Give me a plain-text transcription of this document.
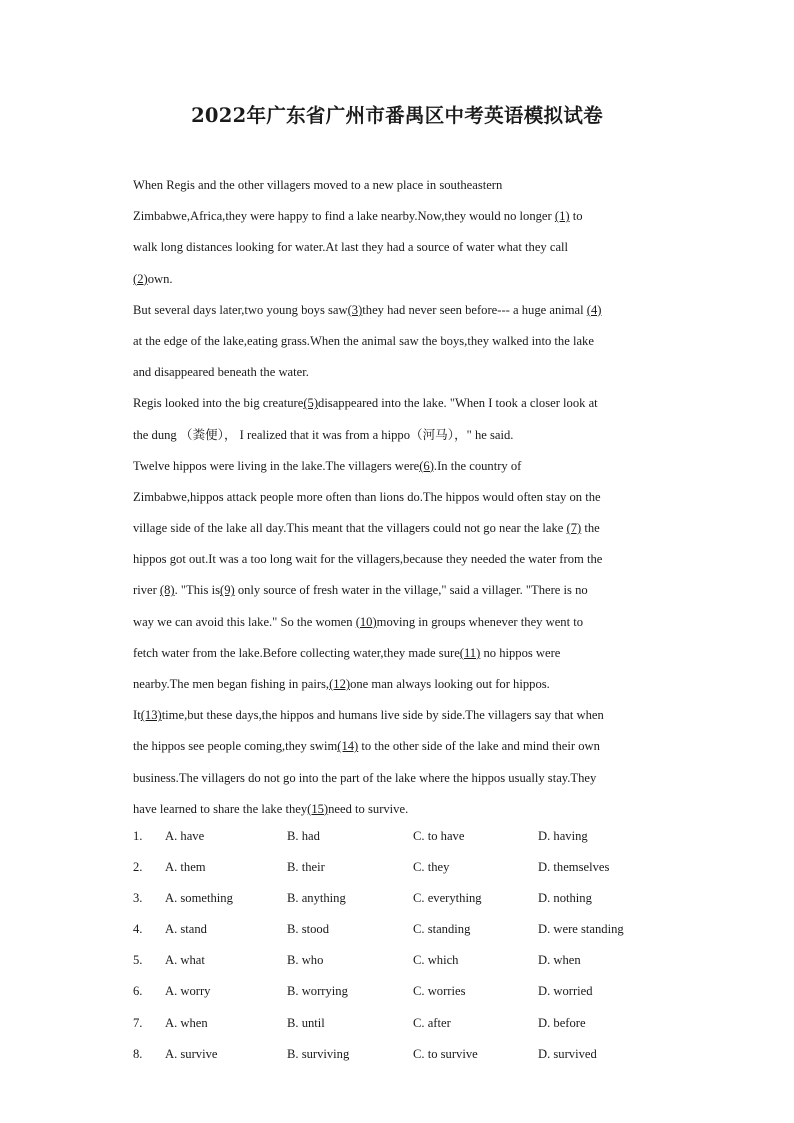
2022年广东省广州市番禺区中考英语模拟试卷
When Regis and the other villagers moved to a new place in southeastern
Zimbabwe,Africa,they were happy to find a lake nearby.Now,they would no longer (1) to
walk long distances looking for water.At last they had a source of water what they call
(2)own.
But several days later,two young boys saw(3)they had never seen before--- a huge animal (4)
at the edge of the lake,eating grass.When the animal saw the boys,they walked into the lake
and disappeared beneath the water.
Regis looked into the big creature(5)disappeared into the lake. "When I took a closer look at
the dung （粪便）， I realized that it was from a hippo（河马），" he said.
Twelve hippos were living in the lake.The villagers were(6).In the country of
Zimbabwe,hippos attack people more often than lions do.The hippos would often stay on the
village side of the lake all day.This meant that the villagers could not go near the lake (7) the
hippos got out.It was a too long wait for the villagers,because they needed the water from the
river (8). "This is(9) only source of fresh water in the village," said a villager. "There is no
way we can avoid this lake." So the women (10)moving in groups whenever they went to
fetch water from the lake.Before collecting water,they made sure(11) no hippos were
nearby.The men began fishing in pairs,(12)one man always looking out for hippos.
It(13)time,but these days,the hippos and humans live side by side.The villagers say that when
the hippos see people coming,they swim(14) to the other side of the lake and mind their own
business.The villagers do not go into the part of the lake where the hippos usually stay.They
have learned to share the lake they(15)need to survive.
1. A. have	B. had	C. to have	D. having
2. A. them	B. their	C. they	D. themselves
3. A. something	B. anything	C. everything	D. nothing
4. A. stand	B. stood	C. standing	D. were standing
5. A. what	B. who	C. which	D. when
6. A. worry	B. worrying	C. worries	D. worried
7. A. when	B. until	C. after	D. before
8. A. survive	B. surviving	C. to survive	D. survived
